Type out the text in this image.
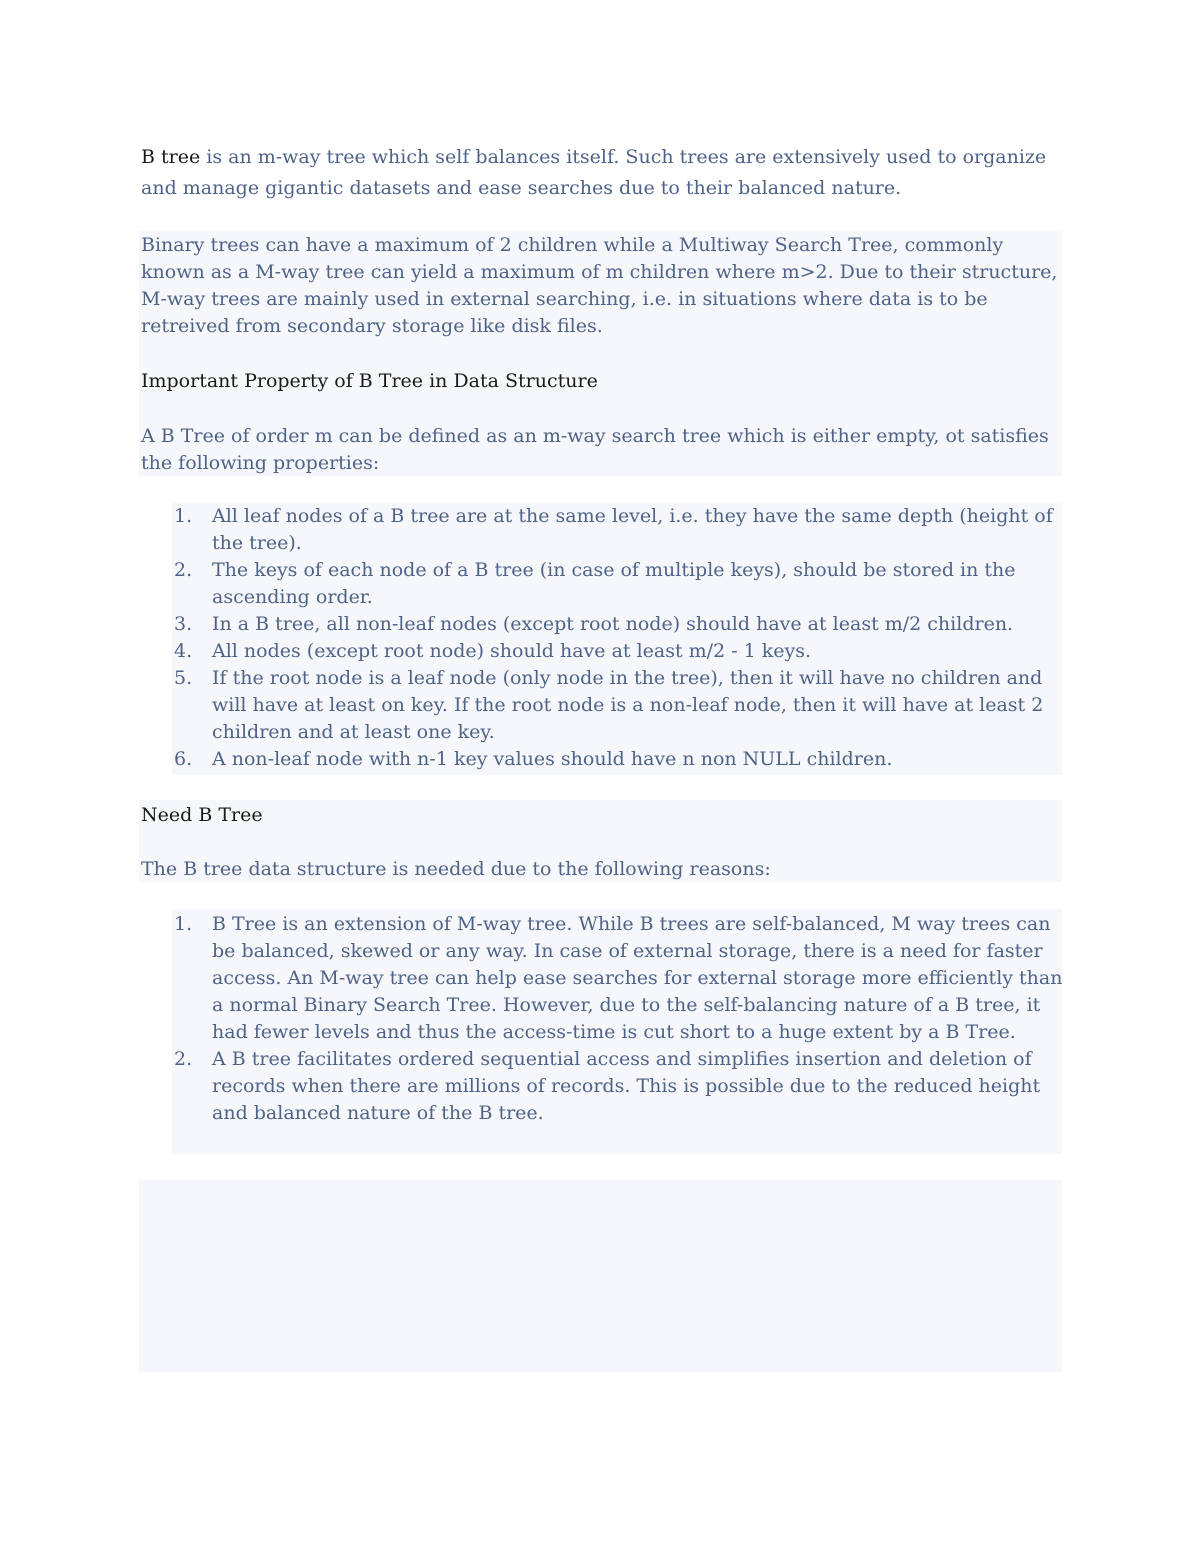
B tree is an m-way tree which self balances itself. Such trees are extensively used to organize and manage gigantic datasets and ease searches due to their balanced nature.

Binary trees can have a maximum of 2 children while a Multiway Search Tree, commonly known as a M-way tree can yield a maximum of m children where m>2. Due to their structure, M-way trees are mainly used in external searching, i.e. in situations where data is to be retreived from secondary storage like disk files.

Important Property of B Tree in Data Structure

A B Tree of order m can be defined as an m-way search tree which is either empty, ot satisfies the following properties:

1.	All leaf nodes of a B tree are at the same level, i.e. they have the same depth (height of the tree).
2.	The keys of each node of a B tree (in case of multiple keys), should be stored in the ascending order.
3.	In a B tree, all non-leaf nodes (except root node) should have at least m/2 children.
4.	All nodes (except root node) should have at least m/2 - 1 keys.
5.	If the root node is a leaf node (only node in the tree), then it will have no children and will have at least on key. If the root node is a non-leaf node, then it will have at least 2 children and at least one key.
6.	A non-leaf node with n-1 key values should have n non NULL children.

Need B Tree

The B tree data structure is needed due to the following reasons:

1.	B Tree is an extension of M-way tree. While B trees are self-balanced, M way trees can be balanced, skewed or any way. In case of external storage, there is a need for faster access. An M-way tree can help ease searches for external storage more efficiently than a normal Binary Search Tree. However, due to the self-balancing nature of a B tree, it had fewer levels and thus the access-time is cut short to a huge extent by a B Tree.
2.	A B tree facilitates ordered sequential access and simplifies insertion and deletion of records when there are millions of records. This is possible due to the reduced height and balanced nature of the B tree.
